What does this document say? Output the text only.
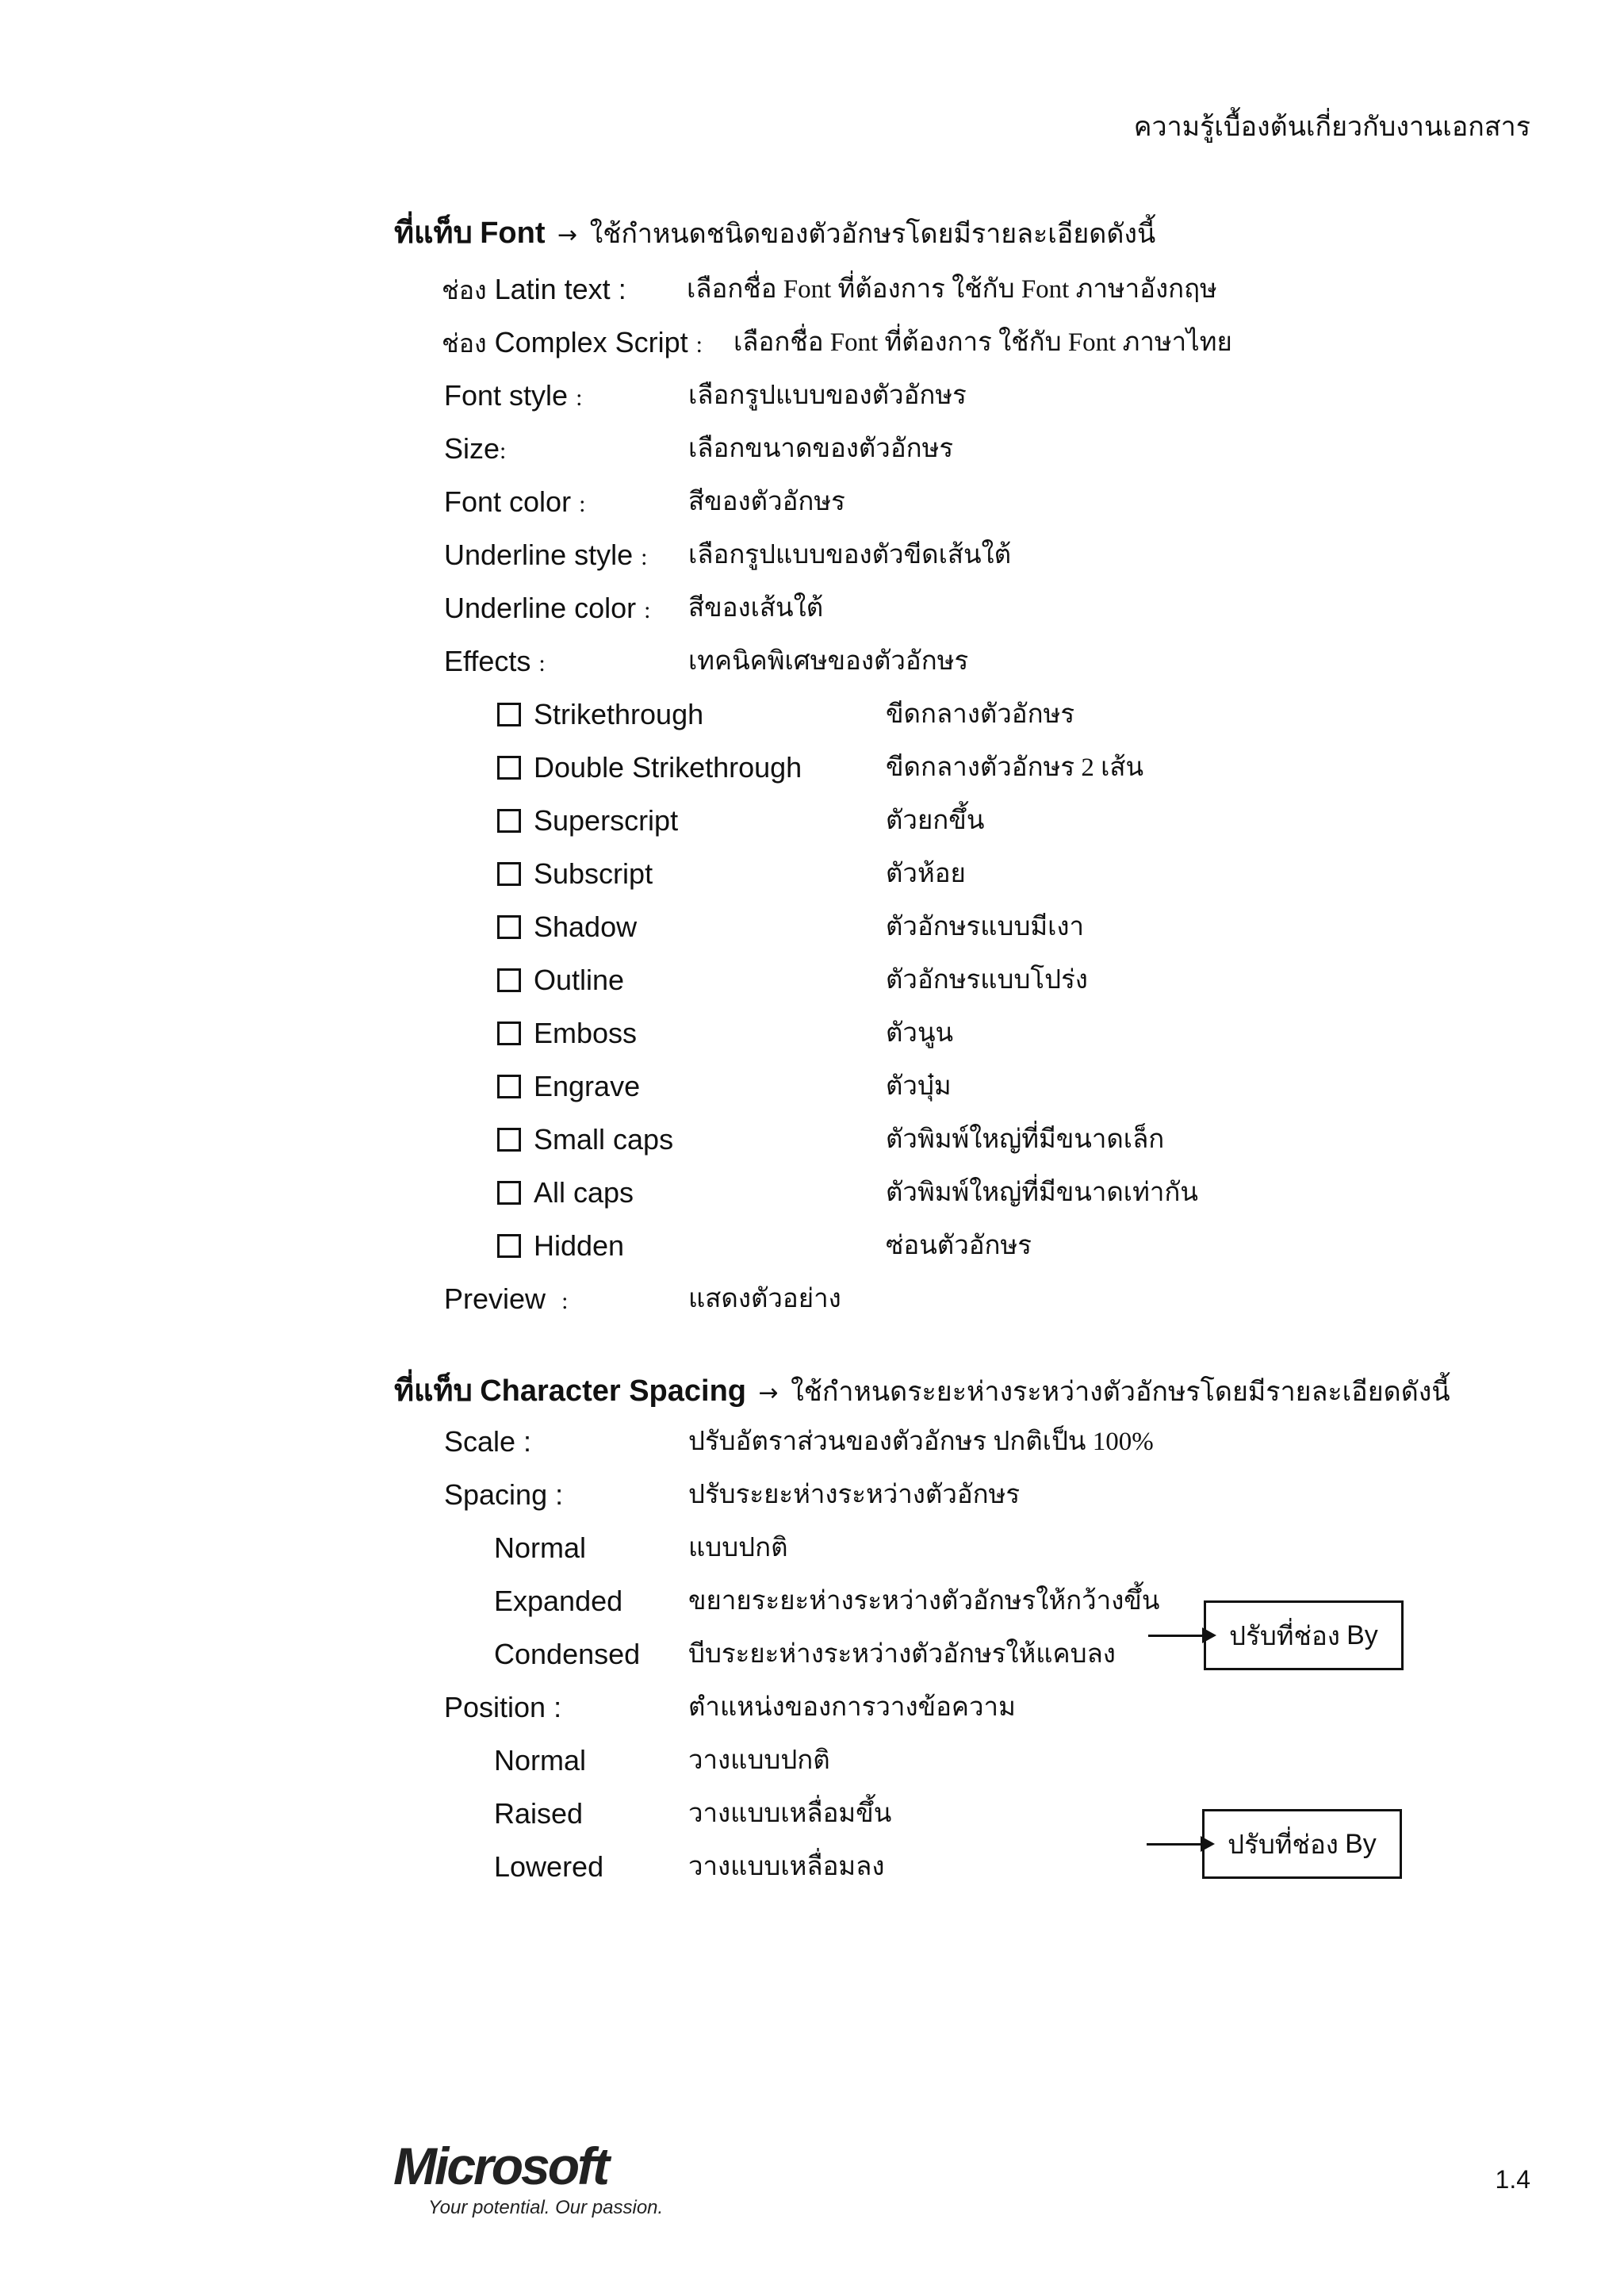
ความรู้เบื้องต้นเกี่ยวกับงานเอกสาร
ที่แท็บ Font → ใช้กำหนดชนิดของตัวอักษรโดยมีรายละเอียดดังนี้
ช่อง Latin text : เลือกชื่อ Font ที่ต้องการ ใช้กับ Font ภาษาอังกฤษ
ช่อง Complex Script : เลือกชื่อ Font ที่ต้องการ ใช้กับ Font ภาษาไทย
Font style :	เลือกรูปแบบของตัวอักษร
Size:	เลือกขนาดของตัวอักษร
Font color :	สีของตัวอักษร
Underline style : เลือกรูปแบบของตัวขีดเส้นใต้
Underline color : สีของเส้นใต้
Effects :	เทคนิคพิเศษของตัวอักษร
Strikethrough	ขีดกลางตัวอักษร
Double Strikethrough	ขีดกลางตัวอักษร 2 เส้น
Superscript	ตัวยกขึ้น
Subscript	ตัวห้อย
Shadow	ตัวอักษรแบบมีเงา
Outline	ตัวอักษรแบบโปร่ง
Emboss	ตัวนูน
Engrave	ตัวบุ๋ม
Small caps	ตัวพิมพ์ใหญ่ที่มีขนาดเล็ก
All caps	ตัวพิมพ์ใหญ่ที่มีขนาดเท่ากัน
Hidden	ซ่อนตัวอักษร
Preview :	แสดงตัวอย่าง
ที่แท็บ Character Spacing → ใช้กำหนดระยะห่างระหว่างตัวอักษรโดยมีรายละเอียดดังนี้
Scale :	ปรับอัตราส่วนของตัวอักษร ปกติเป็น 100%
Spacing :	ปรับระยะห่างระหว่างตัวอักษร
Normal	แบบปกติ
Expanded	ขยายระยะห่างระหว่างตัวอักษรให้กว้างขึ้น
Condensed บีบระยะห่างระหว่างตัวอักษรให้แคบลง
ปรับที่ช่อง
By
Position :	ตำแหน่งของการวางข้อความ
Normal	วางแบบปกติ
Raised	วางแบบเหลื่อมขึ้น
Lowered	วางแบบเหลื่อมลง
ปรับที่ช่อง
By
Microsoft
Your potential. Our passion.
1.4
